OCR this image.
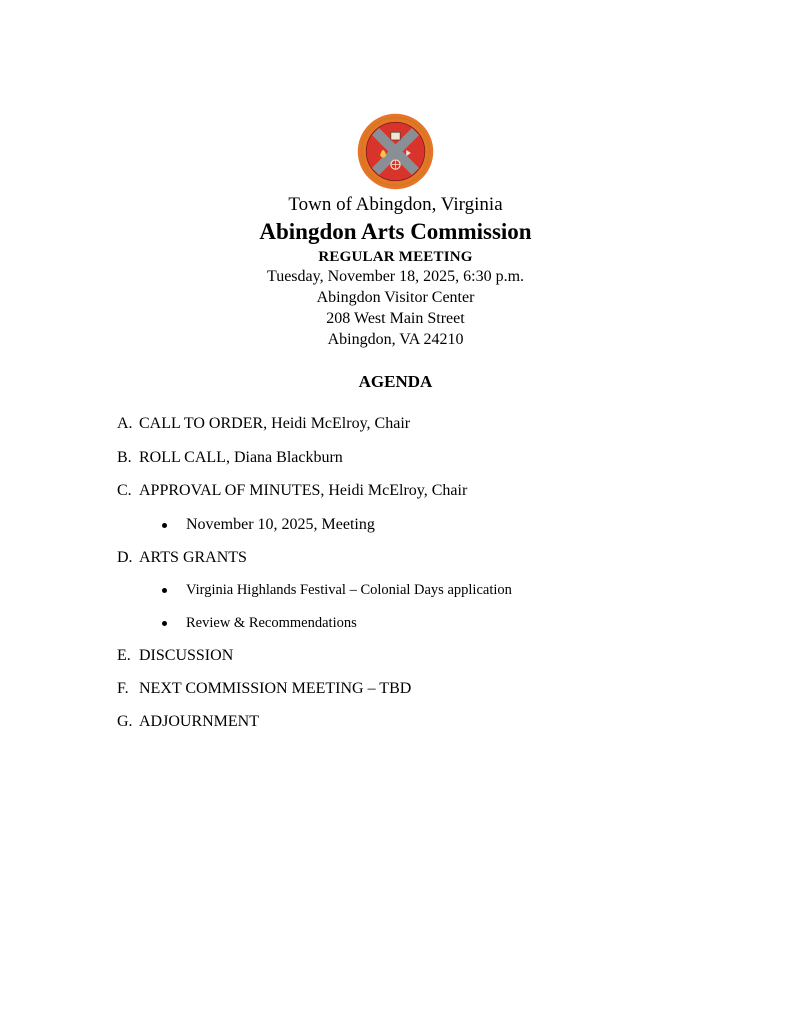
Town of Abingdon, Virginia
Abingdon Arts Commission
REGULAR MEETING
Tuesday, November 18, 2025, 6:30 p.m.
Abingdon Visitor Center
208 West Main Street
Abingdon, VA 24210
AGENDA
A. CALL TO ORDER, Heidi McElroy, Chair
B. ROLL CALL, Diana Blackburn
C. APPROVAL OF MINUTES, Heidi McElroy, Chair
November 10, 2025, Meeting
D. ARTS GRANTS
Virginia Highlands Festival – Colonial Days application
Review & Recommendations
E. DISCUSSION
F. NEXT COMMISSION MEETING – TBD
G. ADJOURNMENT
